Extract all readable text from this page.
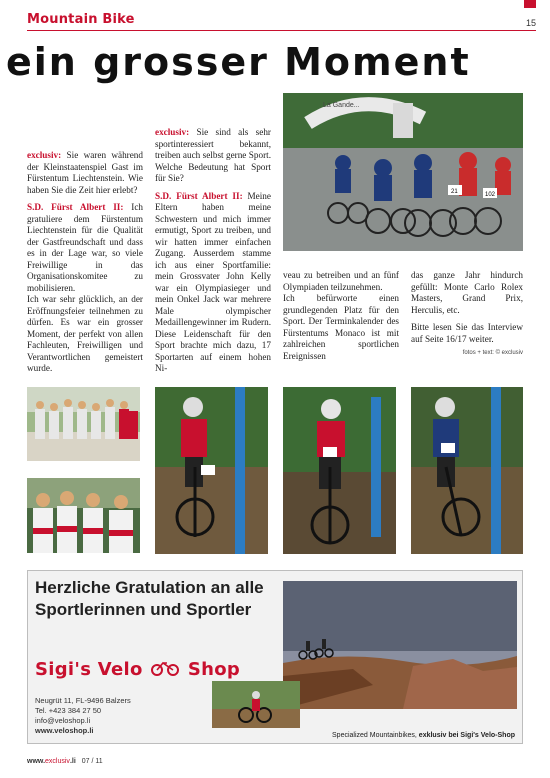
Mountain Bike	15
ein grosser Moment
La Gande...
102
21

exclusiv: Sie waren während der Kleinstaatenspiel Gast im Fürstentum Liechtenstein. Wie haben Sie die Zeit hier erlebt?

S.D. Fürst Albert II: Ich gratuliere dem Fürstentum Liechtenstein für die Qualität der Gastfreundschaft und dass es in der Lage war, so viele Freiwillige in das Organisationskomitee zu mobilisieren.

Ich war sehr glücklich, an der Eröffnungsfeier teilnehmen zu dürfen. Es war ein grosser Moment, der perfekt von allen Fachleuten, Freiwilligen und Verantwortlichen gemeistert wurde.

exclusiv: Sie sind als sehr sportinteressiert bekannt, treiben auch selbst gerne Sport. Welche Bedeutung hat Sport für Sie?

S.D. Fürst Albert II: Meine Eltern haben meine Schwestern und mich immer ermutigt, Sport zu treiben, und wir hatten immer einfachen Zugang. Ausserdem stamme ich aus einer Sportfamilie: mein Grossvater John Kelly war ein Olympiasieger und mein Onkel Jack war mehrere Male olympischer Medaillengewinner im Rudern. Diese Leidenschaft für den Sport brachte mich dazu, 17 Sportarten auf einem hohen Ni-

veau zu betreiben und an fünf Olympiaden teilzunehmen.

Ich befürworte einen grundlegenden Platz für den Sport. Der Terminkalender des Fürstentums Monaco ist mit zahlreichen sportlichen Ereignissen

das ganze Jahr hindurch gefüllt: Monte Carlo Rolex Masters, Grand Prix, Herculis, etc.

Bitte lesen Sie das Interview auf Seite 16/17 weiter.

fotos + text: © exclusiv
Herzliche Gratulation an alle
Sportlerinnen und Sportler
Sigi's Velo	Shop
Neugrüt 11, FL-9496 Balzers
Tel. +423 384 27 50
info@veloshop.li
www.veloshop.li
Specialized Mountainbikes, exklusiv bei Sigi's Velo-Shop
www.exclusiv.li 07 / 11
